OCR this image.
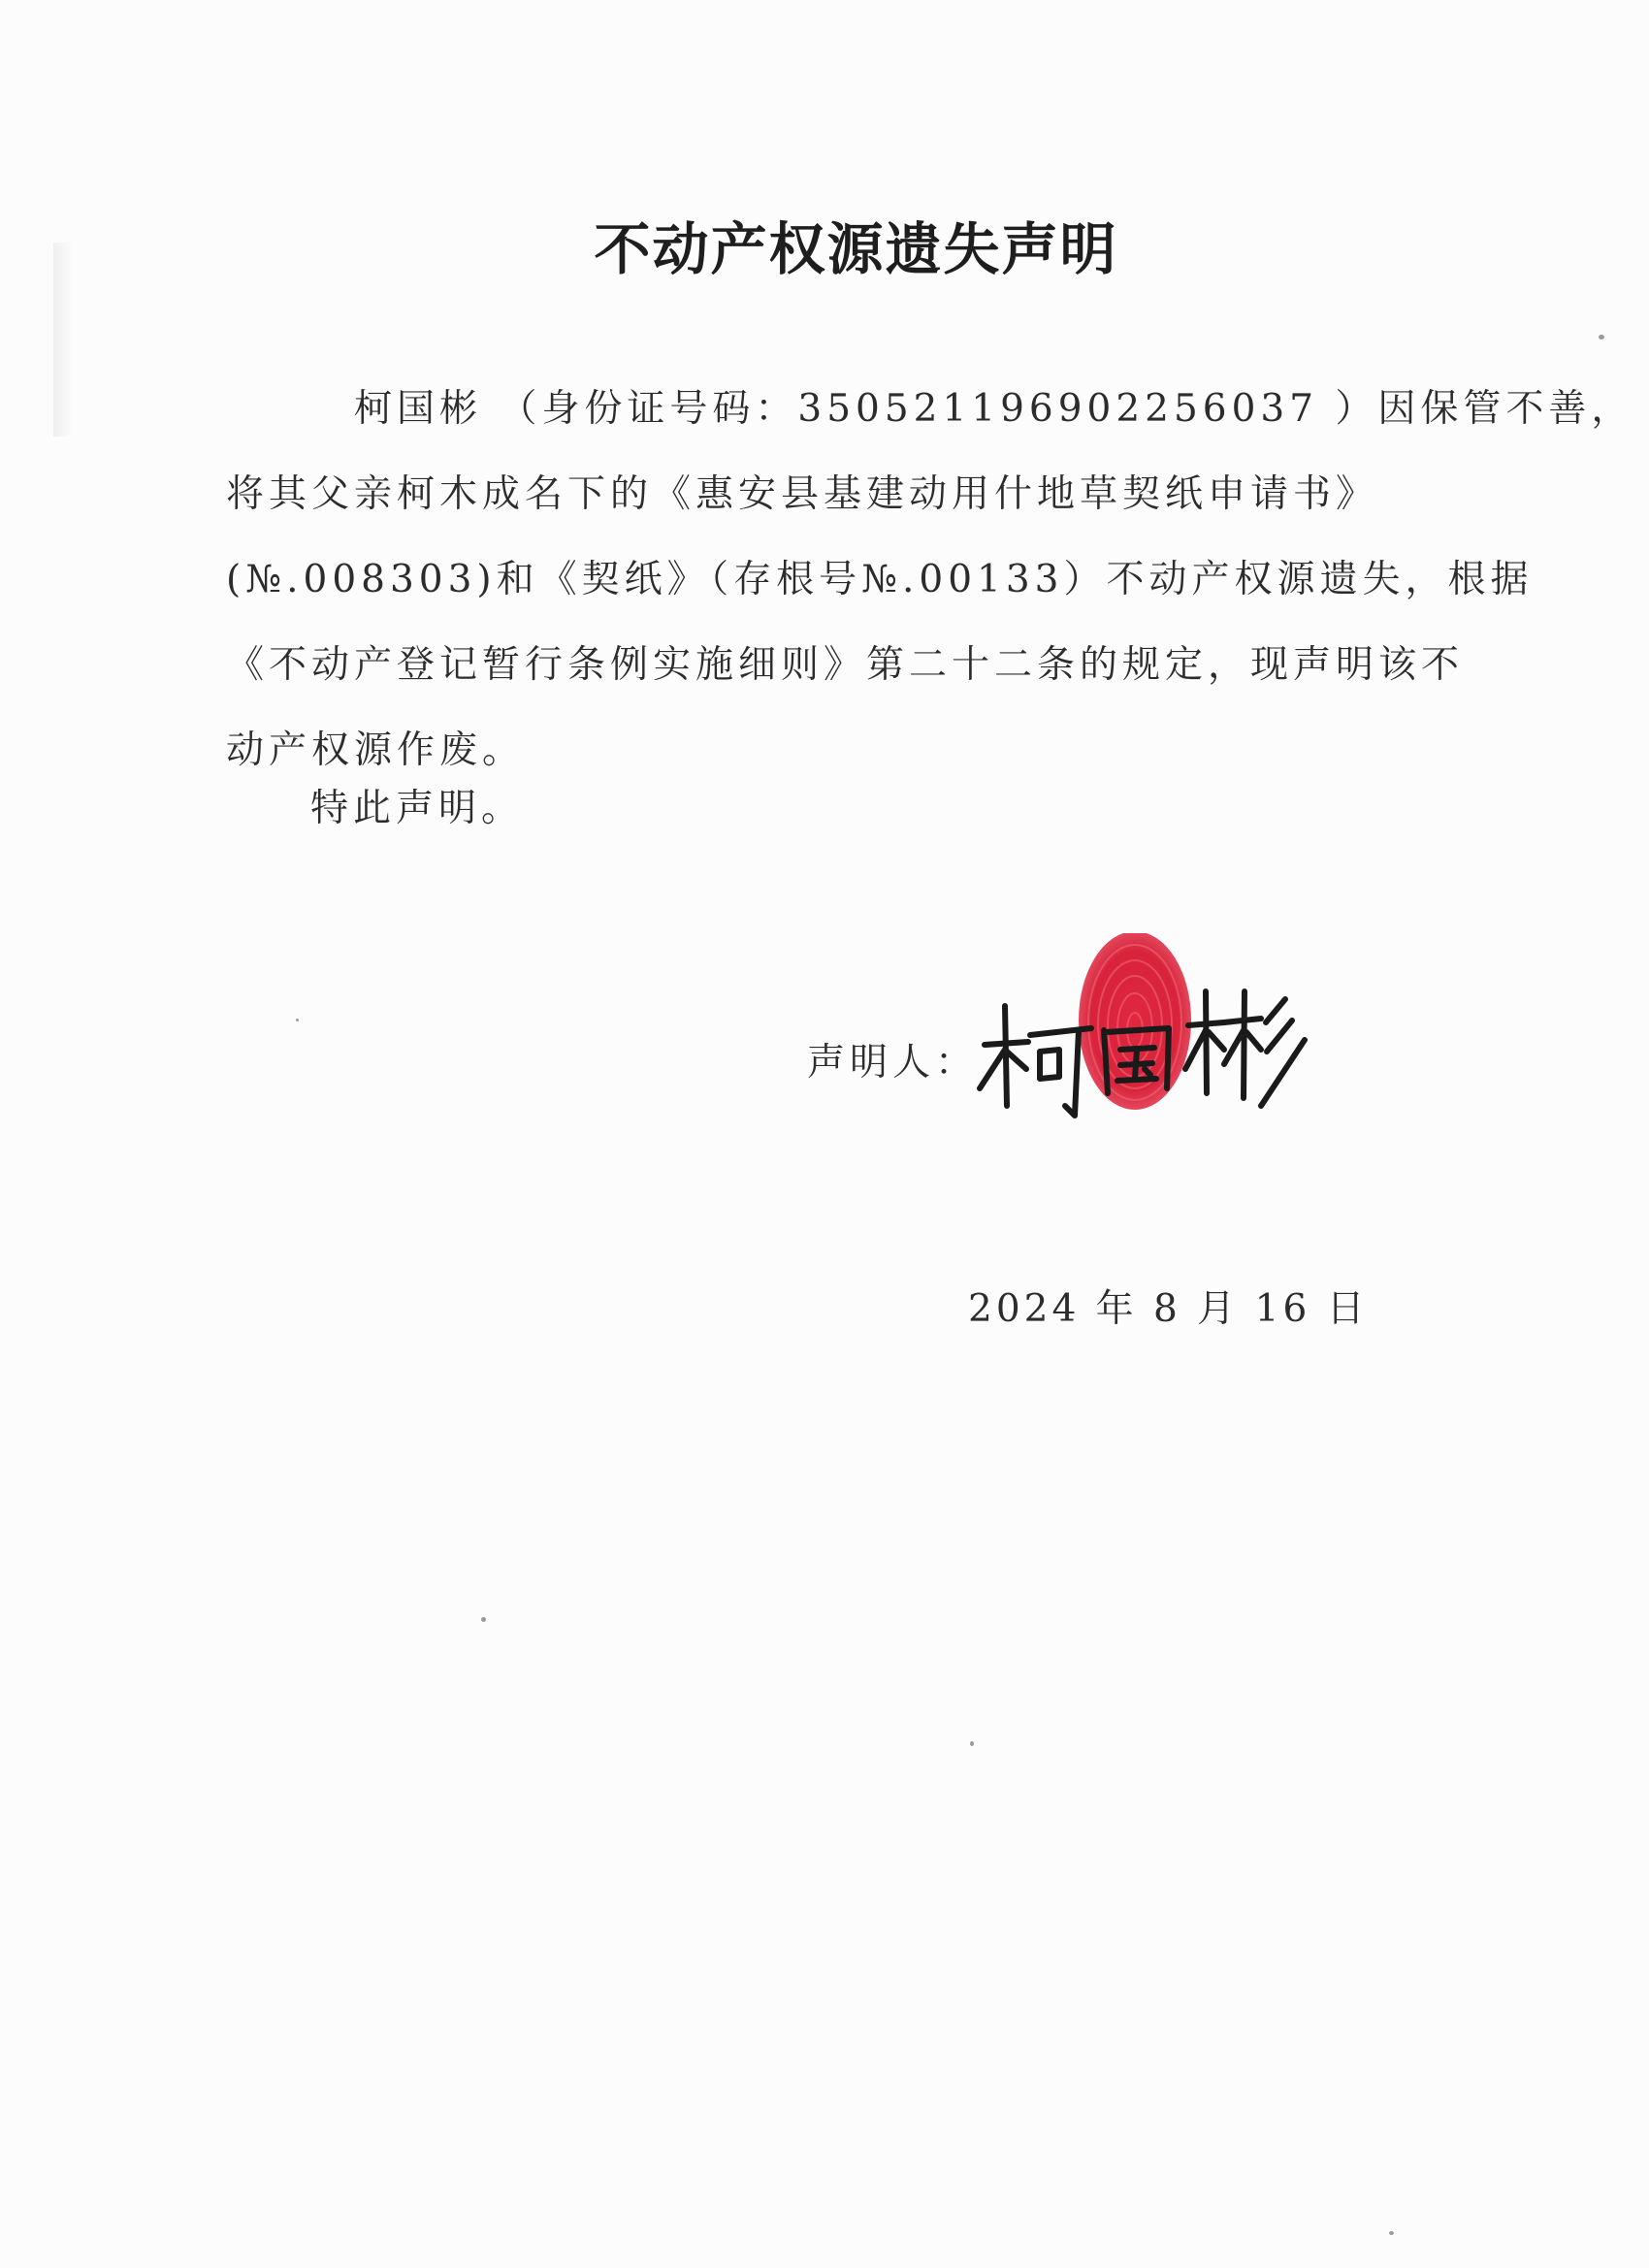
不动产权源遗失声明
柯国彬 （身份证号码：350521196902256037 ）因保管不善，
将其父亲柯木成名下的《惠安县基建动用什地草契纸申请书》
(№.008303)和《契纸》（存根号№.00133）不动产权源遗失，根据
《不动产登记暂行条例实施细则》第二十二条的规定，现声明该不
动产权源作废。
特此声明。
声明人：
2024 年 8 月 16 日
